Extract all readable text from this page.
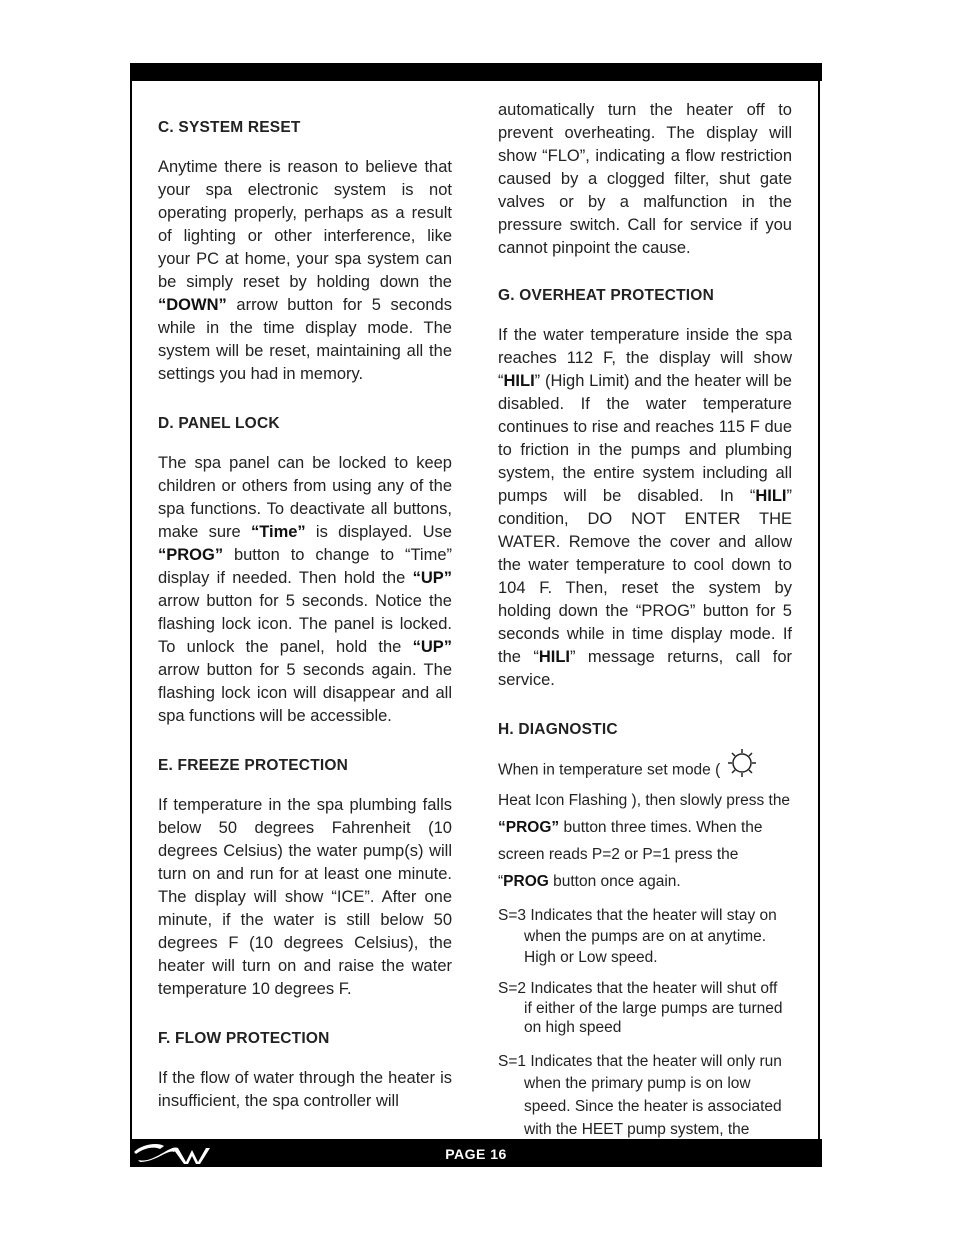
C. SYSTEM RESET

Anytime there is reason to believe that your spa electronic system is not operating properly, perhaps as a result of lighting or other interference, like your PC at home, your spa system can be simply reset by holding down the “DOWN” arrow button for 5 seconds while in the time display mode. The system will be reset, maintaining all the settings you had in memory.

D. PANEL LOCK

The spa panel can be locked to keep children or others from using any of the spa functions. To deactivate all buttons, make sure “Time” is displayed. Use “PROG” button to change to “Time” display if needed. Then hold the “UP” arrow button for 5 seconds. Notice the flashing lock icon. The panel is locked. To unlock the panel, hold the “UP” arrow button for 5 seconds again. The flashing lock icon will disappear and all spa functions will be accessible.

E. FREEZE PROTECTION

If temperature in the spa plumbing falls below 50 degrees Fahrenheit (10 degrees Celsius) the water pump(s) will turn on and run for at least one minute. The display will show “ICE”. After one minute, if the water is still below 50 degrees F (10 degrees Celsius), the heater will turn on and raise the water temperature 10 degrees F.

F. FLOW PROTECTION

If the flow of water through the heater is insufficient, the spa controller will

automatically turn the heater off to prevent overheating. The display will show “FLO”, indicating a flow restriction caused by a clogged filter, shut gate valves or by a malfunction in the pressure switch. Call for service if you cannot pinpoint the cause.

G. OVERHEAT PROTECTION

If the water temperature inside the spa reaches 112 F, the display will show “HILI” (High Limit) and the heater will be disabled. If the water temperature continues to rise and reaches 115 F due to friction in the pumps and plumbing system, the entire system including all pumps will be disabled. In “HILI” condition, DO NOT ENTER THE WATER. Remove the cover and allow the water temperature to cool down to 104 F. Then, reset the system by holding down the “PROG” button for 5 seconds while in time display mode. If the “HILI” message returns, call for service.

H. DIAGNOSTIC

When in temperature set mode (  Heat Icon Flashing ), then slowly press the “PROG” button three times. When the screen reads P=2 or P=1 press the “PROG button once again.

S=3 Indicates that the heater will stay on
when the pumps are on at anytime. High or Low speed.
S=2 Indicates that the heater will shut off
if either of the large pumps are turned on high speed
S=1 Indicates that the heater will only run
when the primary pump is on low speed. Since the heater is associated with the HEET pump system, the
PAGE 16
